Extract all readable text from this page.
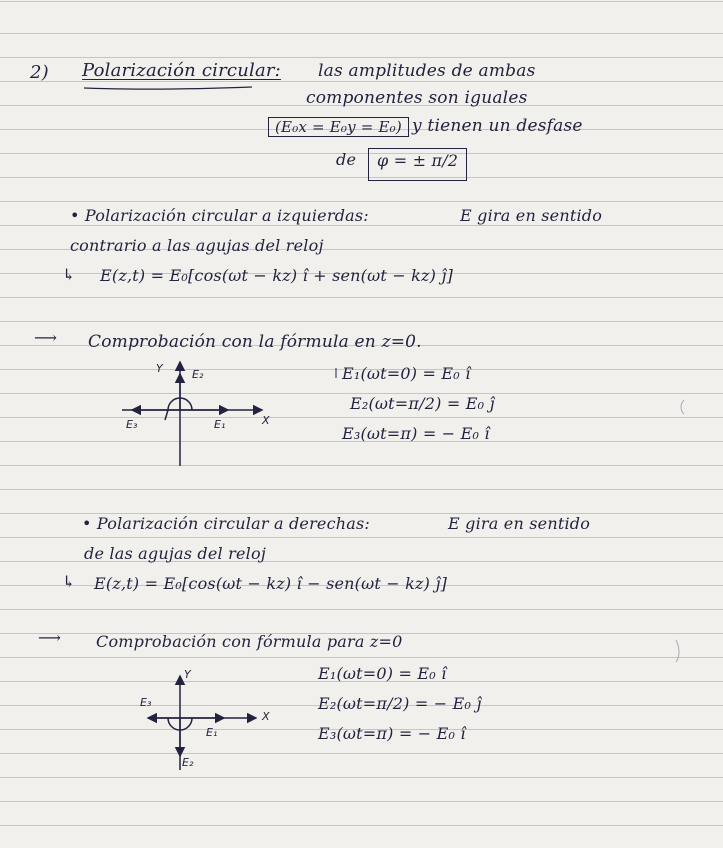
2) Polarización circular: las amplitudes de ambas
componentes son iguales
(E₀x = E₀y = E₀) y tienen un desfase
de	φ = ± π/2
• Polarización circular a izquierdas:	E gira en sentido
contrario a las agujas del reloj
↳ E(z,t) = E₀[cos(ωt − kz) î + sen(ωt − kz) ĵ]
⟶ Comprobación con la fórmula en z=0.
E₁(ωt=0) = E₀ î
E₂(ωt=π/2) = E₀ ĵ
E₃(ωt=π) = − E₀ î
Y	E₂
X
E₁
E₃
• Polarización circular a derechas:	E gira en sentido
de las agujas del reloj
↳ E(z,t) = E₀[cos(ωt − kz) î − sen(ωt − kz) ĵ]
⟶ Comprobación con fórmula para z=0
E₁(ωt=0) = E₀ î
E₂(ωt=π/2) = − E₀ ĵ
E₃(ωt=π) = − E₀ î
Y
E₃
X
E₁
E₂
